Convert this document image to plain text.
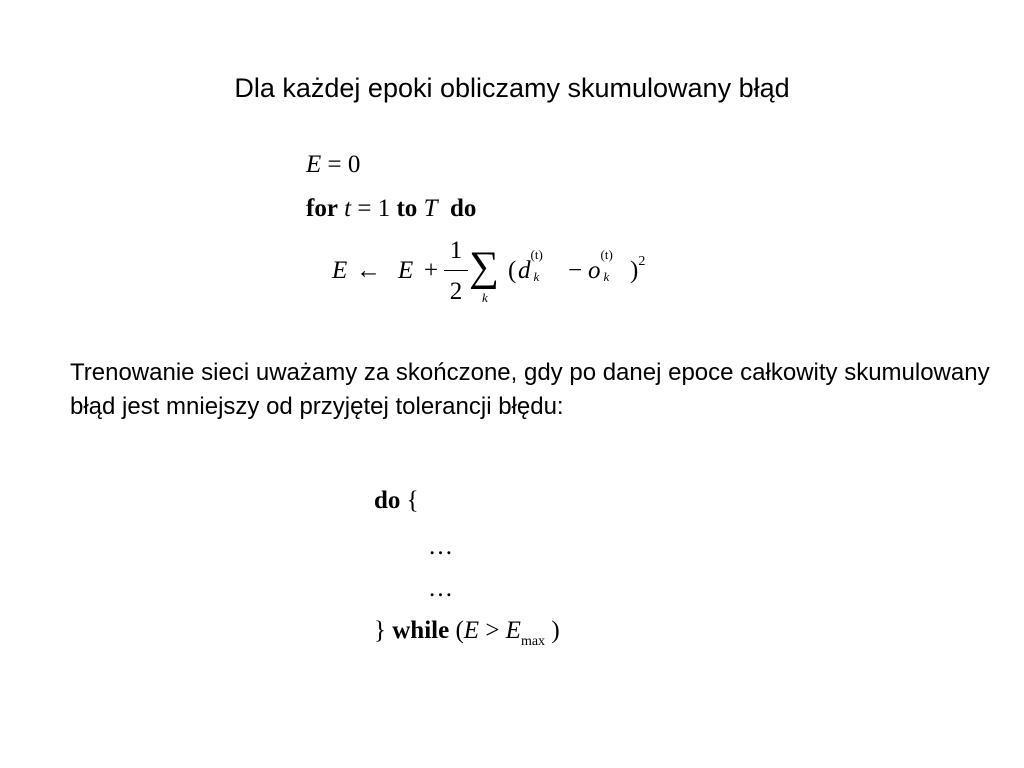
Dla każdej epoki obliczamy skumulowany błąd
E = 0
for t = 1 to T do
E ← E +
1
2
∑
k
( d
(t)
k − o
(t)
k )$^2$
Trenowanie sieci uważamy za skończone, gdy po danej epoce całkowity skumulowany błąd jest mniejszy od przyjętej tolerancji błędu:
do {
…
…
} while ($E > E_{max}$ )
